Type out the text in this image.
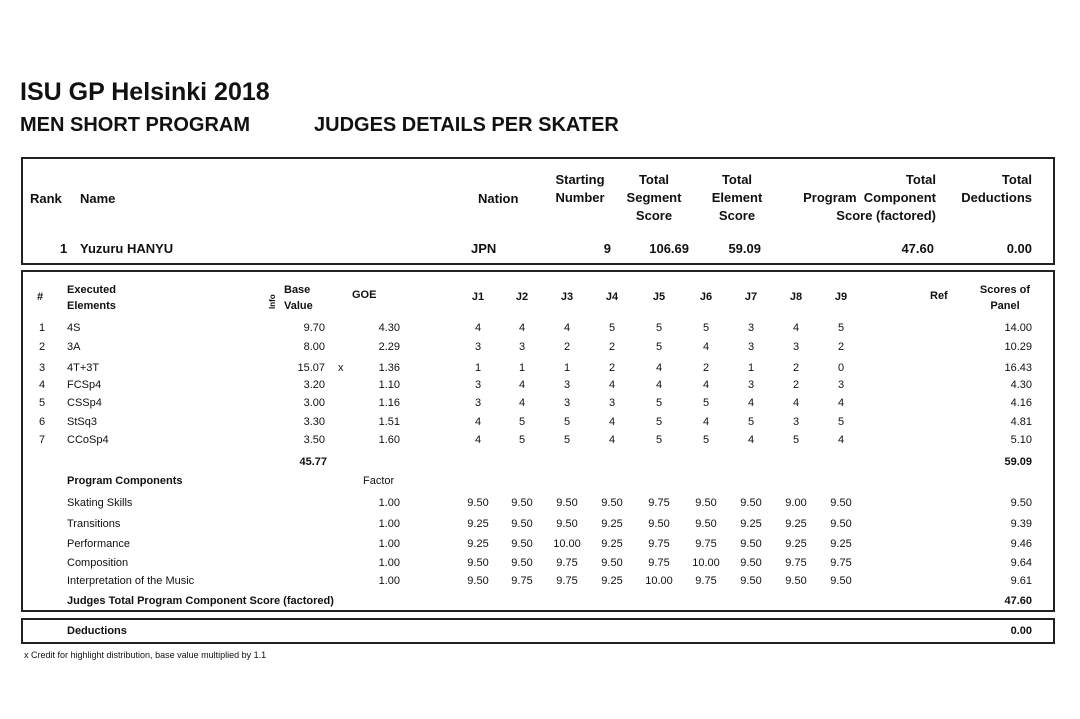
ISU GP Helsinki 2018
MEN SHORT PROGRAM	JUDGES DETAILS PER SKATER
Rank Name	Nation
Starting
Number
Total
Segment
Score
Total
Element
Score
Total
Program  Component
Score (factored)
Total
Deductions
1 Yuzuru HANYU	JPN	9	106.69	59.09	47.60	0.00
#
Executed
Elements	Info
Base
Value
GOE	J1	J2	J3	J4	J5	J6	J7	J8	J9	Ref	Scores of
Panel
1 4S	9.70	4.30	4	4	4	5	5	5	3	4	5	14.00
2 3A	8.00	2.29	3	3	2	2	5	4	3	3	2	10.29
3 4T+3T	15.07 x	1.36	1	1	1	2	4	2	1	2	0	16.43
4 FCSp4	3.20	1.10	3	4	3	4	4	4	3	2	3	4.30
5 CSSp4	3.00	1.16	3	4	3	3	5	5	4	4	4	4.16
6 StSq3	3.30	1.51	4	5	5	4	5	4	5	3	5	4.81
7 CCoSp4	3.50	1.60	4	5	5	4	5	5	4	5	4	5.10
45.77	59.09
Program Components	Factor
Skating Skills	1.00	9.50 9.50 9.50 9.50 9.75 9.50 9.50 9.00 9.50	9.50
Transitions	1.00	9.25 9.50 9.50 9.25 9.50 9.50 9.25 9.25 9.50	9.39
Performance	1.00	9.25 9.50 10.00 9.25 9.75 9.75 9.50 9.25 9.25	9.46
Composition	1.00	9.50 9.50 9.75 9.50 9.75 10.00 9.50 9.75 9.75	9.64
Interpretation of the Music	1.00	9.50 9.75 9.75 9.25 10.00 9.75 9.50 9.50 9.50	9.61
Judges Total Program Component Score (factored)	47.60
Deductions	0.00
x Credit for highlight distribution, base value multiplied by 1.1
